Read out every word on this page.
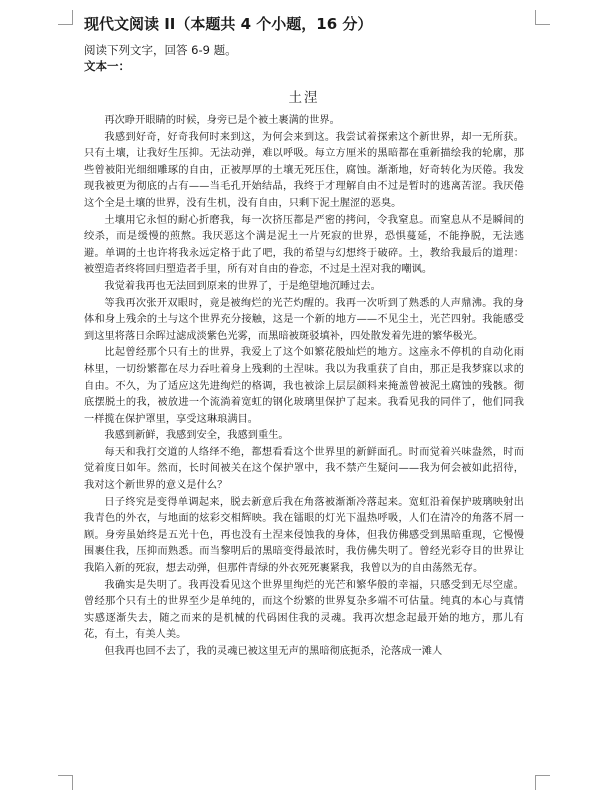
现代文阅读 II（本题共 4 个小题，16 分）

阅读下列文字，回答 6-9 题。

文本一：

土涅

再次睁开眼睛的时候，身旁已是个被土裹满的世界。

我感到好奇，好奇我何时来到这，为何会来到这。我尝试着探索这个新世界，却一无所获。只有土壤，让我好生压抑。无法动弹，难以呼吸。每立方厘米的黑暗都在重新描绘我的轮廓，那些曾被阳光细细雕琢的自由，正被厚厚的土壤无死压住，腐蚀。渐渐地，好奇转化为厌倦。我发现我被更为彻底的占有——当毛孔开始结晶，我终于才理解自由不过是暂时的逃离苦涩。我厌倦这个全是土壤的世界，没有生机，没有自由，只剩下泥土腥涩的恶臭。

土壤用它永恒的耐心折磨我，每一次挤压都是严密的拷问，令我窒息。而窒息从不是瞬间的绞杀，而是缓慢的煎熬。我厌恶这个满是泥土一片死寂的世界，恐惧蔓延，不能挣脱，无法逃避。单调的土也许将我永远定格于此了吧，我的希望与幻想终于破碎。土，教给我最后的道理：被塑造者终将回归塑造者手里，所有对自由的眷恋，不过是土涅对我的嘲讽。

我觉着我再也无法回到原来的世界了，于是绝望地沉睡过去。

等我再次张开双眼时，竟是被绚烂的光芒灼醒的。我再一次听到了熟悉的人声鼎沸。我的身体和身上残余的土与这个世界充分接触，这是一个新的地方——不见尘土，光芒四射。我能感受到这里将落日余晖过滤成淡紫色光雾，而黑暗被斑驳填补，四处散发着先进的繁华极光。

比起曾经那个只有土的世界，我爱上了这个如繁花般灿烂的地方。这座永不停机的自动化雨林里，一切纷繁都在尽力吞吐着身上残剩的土涅味。我以为我重获了自由，那正是我梦寐以求的自由。不久，为了适应这先进绚烂的格调，我也被涂上层层颜料来掩盖曾被泥土腐蚀的残骸。彻底摆脱土的我，被放进一个流淌着宽虹的钢化玻璃里保护了起来。我看见我的同伴了，他们同我一样揽在保护罩里，享受这琳琅满目。

我感到新鲜，我感到安全，我感到重生。

每天和我打交道的人络绎不绝，都想看看这个世界里的新鲜面孔。时而觉着兴味盎然，时而觉着度日如年。然而，长时间被关在这个保护罩中，我不禁产生疑问——我为何会被如此招待，我对这个新世界的意义是什么？

日子终究是变得单调起来，脱去新意后我在角落被渐渐冷落起来。宽虹沿着保护玻璃映射出我青色的外衣，与地面的炫彩交相辉映。我在镭眼的灯光下温热呼吸，人们在清冷的角落不屑一顾。身旁虽始终是五光十色，再也没有土涅来侵蚀我的身体，但我仿佛感受到黑暗重现，它慢慢围裹住我，压抑而熟悉。而当黎明后的黑暗变得最浓时，我仿佛失明了。曾经光彩夺目的世界让我陷入新的死寂，想去动弹，但那件青绿的外衣死死裹紧我，我曾以为的自由荡然无存。

我确实是失明了。我再没看见这个世界里绚烂的光芒和繁华般的幸福，只感受到无尽空虚。曾经那个只有土的世界至少是单纯的，而这个纷繁的世界复杂多端不可估量。纯真的本心与真情实感逐渐失去，随之而来的是机械的代码困住我的灵魂。我再次想念起最开始的地方，那儿有花，有土，有美人美。

但我再也回不去了，我的灵魂已被这里无声的黑暗彻底扼杀，沦落成一滩人
